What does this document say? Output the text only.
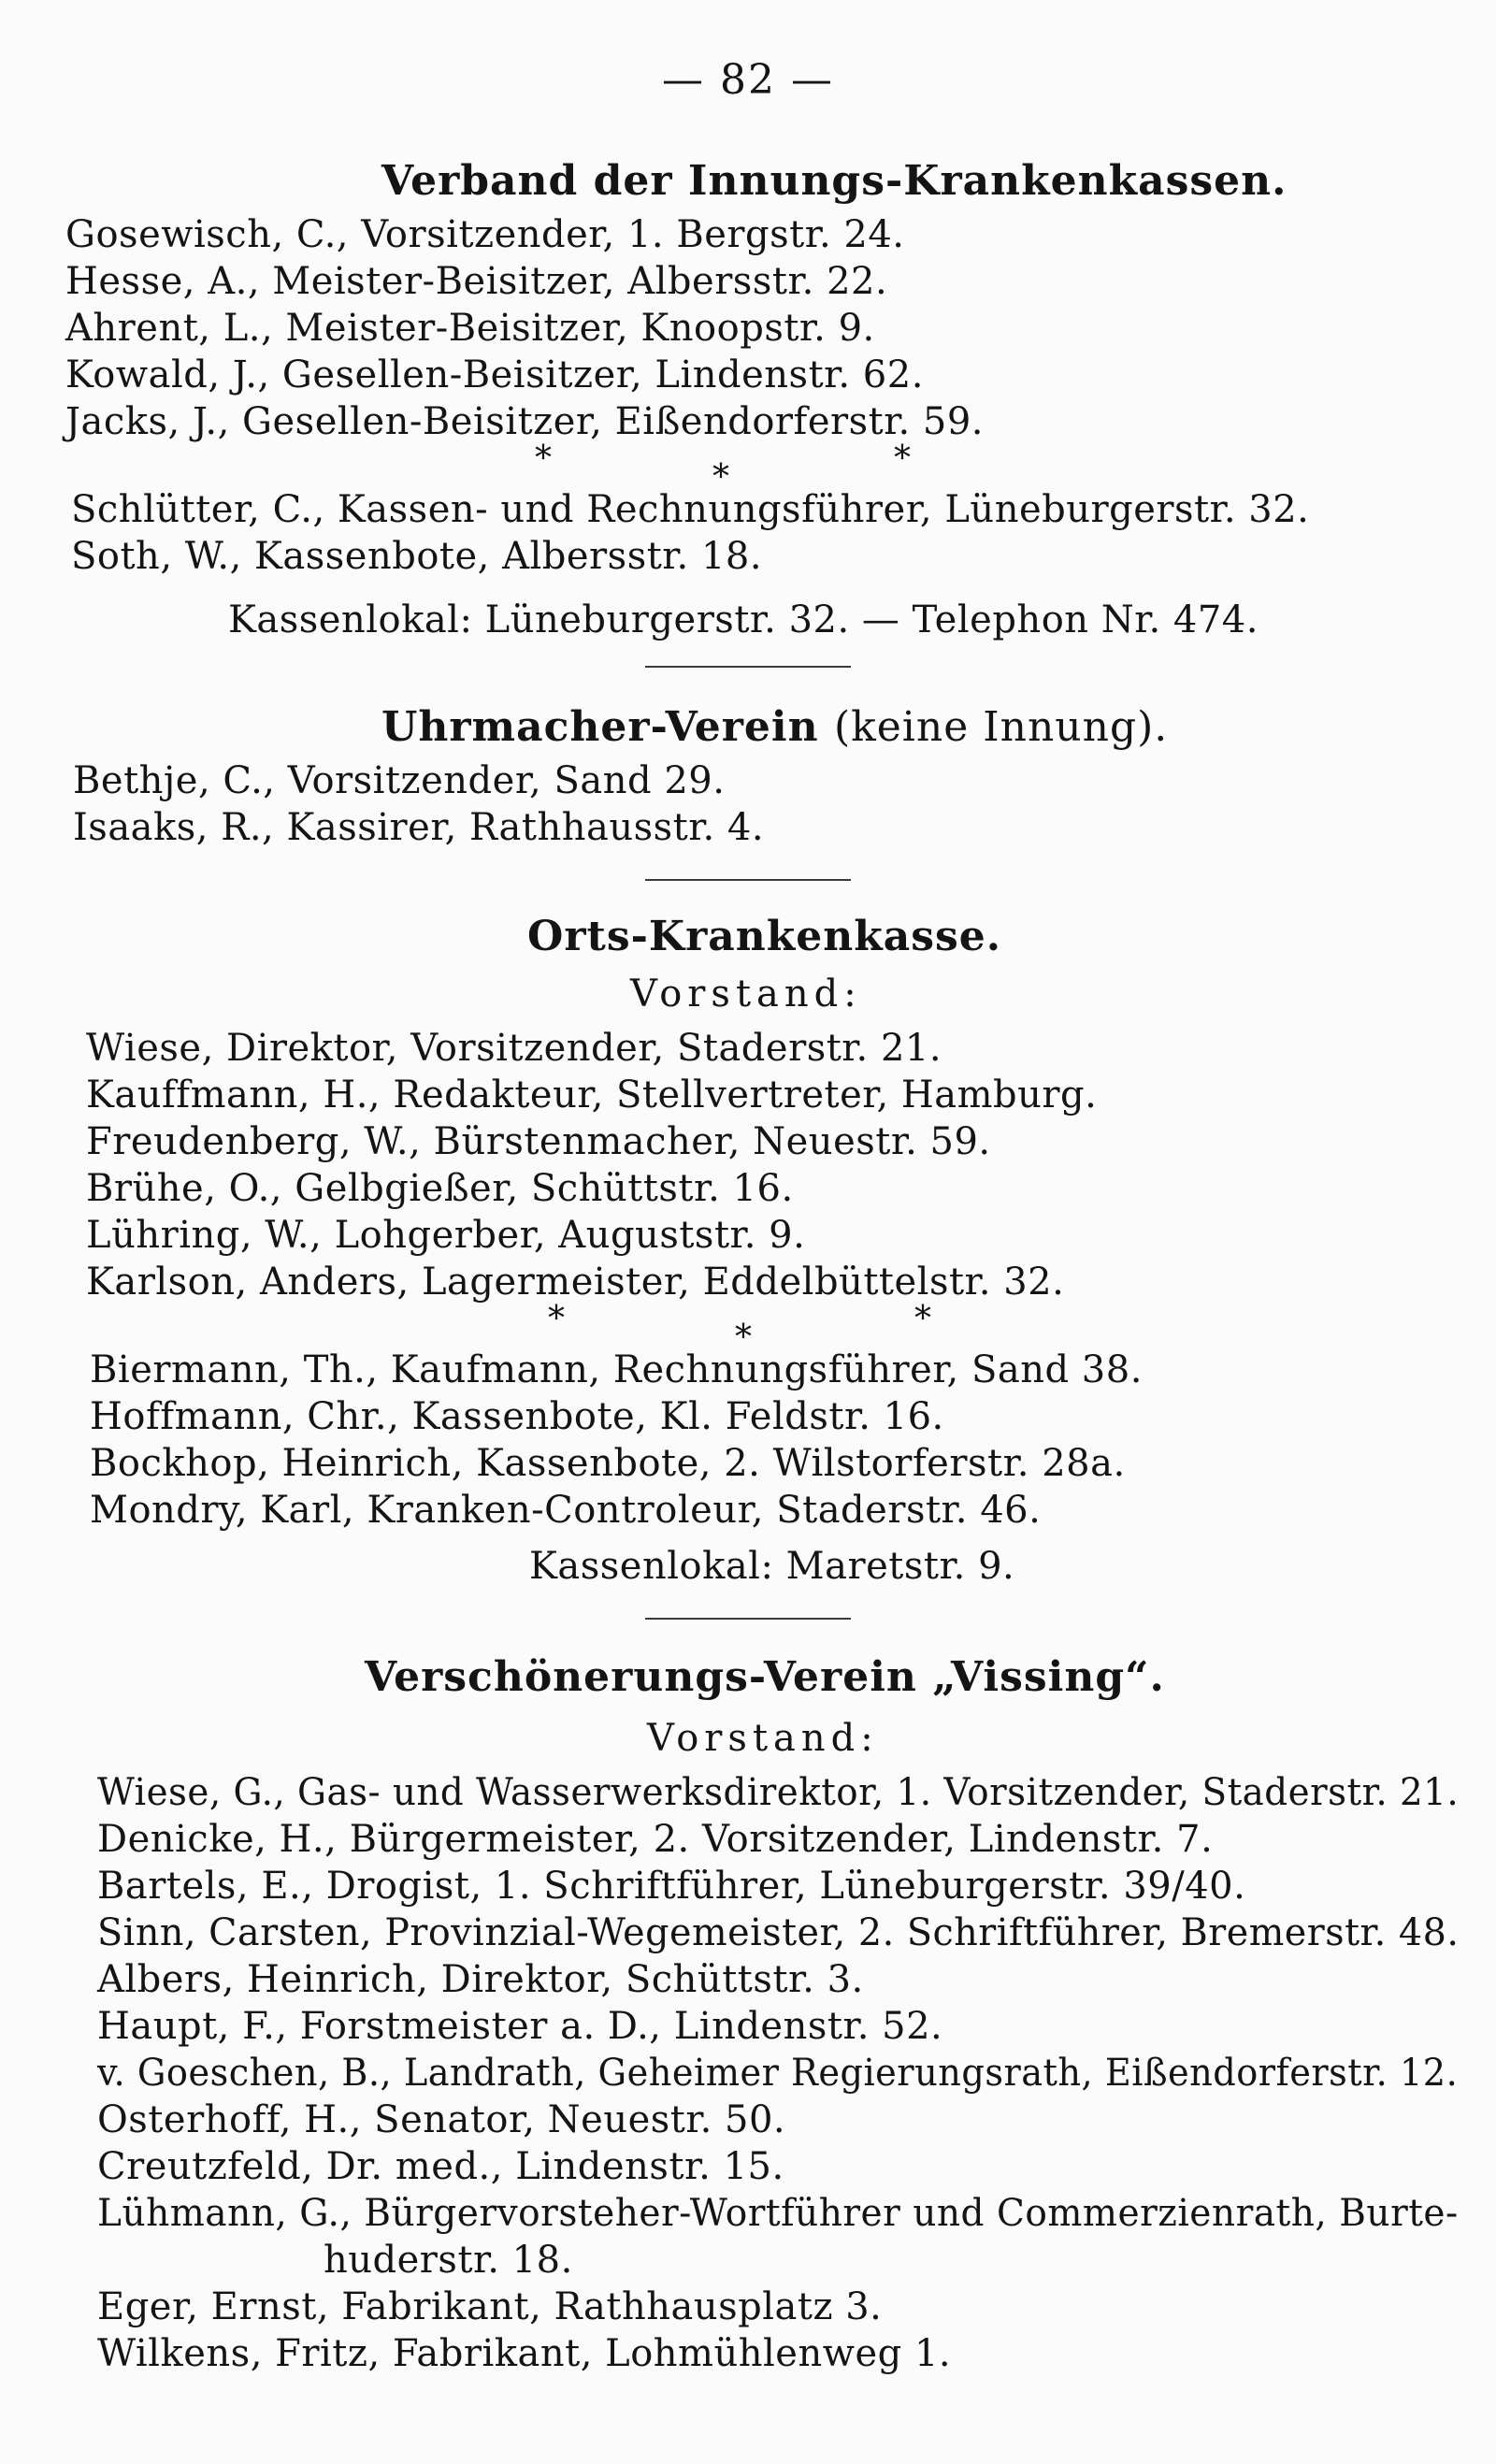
— 82 —
Verband der Innungs-Krankenkassen.
Gosewisch, C., Vorsitzender, 1. Bergstr. 24.
Hesse, A., Meister-Beisitzer, Albersstr. 22.
Ahrent, L., Meister-Beisitzer, Knoopstr. 9.
Kowald, J., Gesellen-Beisitzer, Lindenstr. 62.
Jacks, J., Gesellen-Beisitzer, Eißendorferstr. 59.
*	*	*
Schlütter, C., Kassen- und Rechnungsführer, Lüneburgerstr. 32.
Soth, W., Kassenbote, Albersstr. 18.
Kassenlokal: Lüneburgerstr. 32. — Telephon Nr. 474.
Uhrmacher-Verein (keine Innung).
Bethje, C., Vorsitzender, Sand 29.
Isaaks, R., Kassirer, Rathhausstr. 4.
Orts-Krankenkasse.
Vorstand:
Wiese, Direktor, Vorsitzender, Staderstr. 21.
Kauffmann, H., Redakteur, Stellvertreter, Hamburg.
Freudenberg, W., Bürstenmacher, Neuestr. 59.
Brühe, O., Gelbgießer, Schüttstr. 16.
Lühring, W., Lohgerber, Auguststr. 9.
Karlson, Anders, Lagermeister, Eddelbüttelstr. 32.
*	*	*
Biermann, Th., Kaufmann, Rechnungsführer, Sand 38.
Hoffmann, Chr., Kassenbote, Kl. Feldstr. 16.
Bockhop, Heinrich, Kassenbote, 2. Wilstorferstr. 28a.
Mondry, Karl, Kranken-Controleur, Staderstr. 46.
Kassenlokal: Maretstr. 9.
Verschönerungs-Verein „Vissing“.
Vorstand:
Wiese, G., Gas- und Wasserwerksdirektor, 1. Vorsitzender, Staderstr. 21.
Denicke, H., Bürgermeister, 2. Vorsitzender, Lindenstr. 7.
Bartels, E., Drogist, 1. Schriftführer, Lüneburgerstr. 39/40.
Sinn, Carsten, Provinzial-Wegemeister, 2. Schriftführer, Bremerstr. 48.
Albers, Heinrich, Direktor, Schüttstr. 3.
Haupt, F., Forstmeister a. D., Lindenstr. 52.
v. Goeschen, B., Landrath, Geheimer Regierungsrath, Eißendorferstr. 12.
Osterhoff, H., Senator, Neuestr. 50.
Creutzfeld, Dr. med., Lindenstr. 15.
Lühmann, G., Bürgervorsteher-Wortführer und Commerzienrath, Burte-
huderstr. 18.
Eger, Ernst, Fabrikant, Rathhausplatz 3.
Wilkens, Fritz, Fabrikant, Lohmühlenweg 1.
